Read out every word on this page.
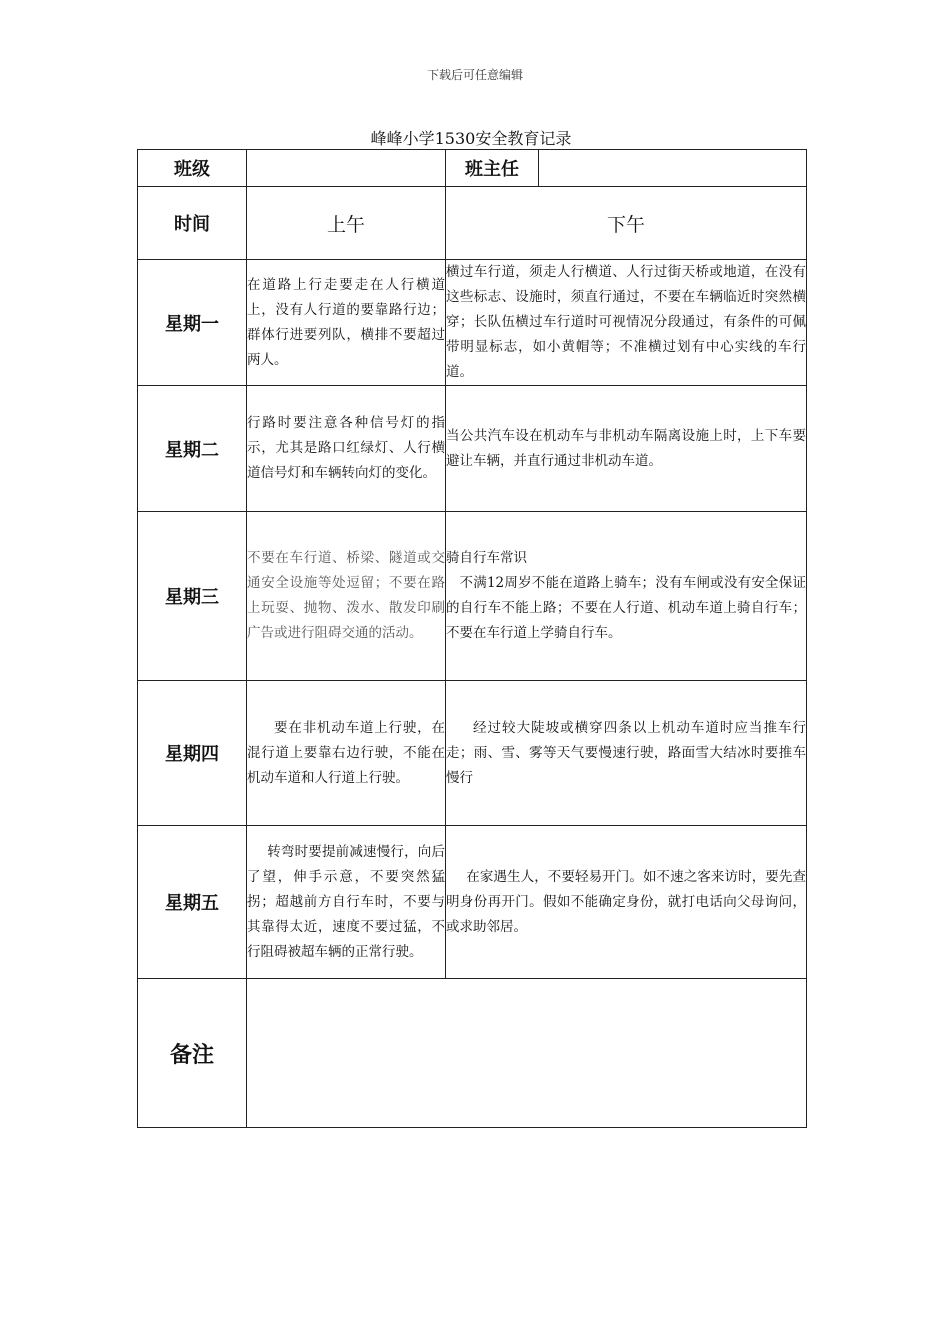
下载后可任意编辑
峰峰小学1530安全教育记录
班级		班主任	
时间	上午	下午	
星期一	在道路上行走要走在人行横道上，没有人行道的要靠路行边；群体行进要列队，横排不要超过两人。	横过车行道，须走人行横道、人行过街天桥或地道，在没有这些标志、设施时，须直行通过，不要在车辆临近时突然横穿；长队伍横过车行道时可视情况分段通过，有条件的可佩带明显标志，如小黄帽等；不准横过划有中心实线的车行道。	

星期二	行路时要注意各种信号灯的指示，尤其是路口红绿灯、人行横道信号灯和车辆转向灯的变化。	当公共汽车设在机动车与非机动车隔离设施上时，上下车要避让车辆，并直行通过非机动车道。	

星期三	不要在车行道、桥梁、隧道或交通安全设施等处逗留；不要在路上玩耍、抛物、泼水、散发印刷广告或进行阻碍交通的活动。	骑自行车常识

不满12周岁不能在道路上骑车；没有车闸或没有安全保证的自行车不能上路；不要在人行道、机动车道上骑自行车；不要在车行道上学骑自行车。	

星期四	要在非机动车道上行驶，在混行道上要靠右边行驶，不能在机动车道和人行道上行驶。	经过较大陡坡或横穿四条以上机动车道时应当推车行走；雨、雪、雾等天气要慢速行驶，路面雪大结冰时要推车慢行	

星期五	转弯时要提前减速慢行，向后了望，伸手示意，不要突然猛拐；超越前方自行车时，不要与其靠得太近，速度不要过猛，不行阻碍被超车辆的正常行驶。	在家遇生人，不要轻易开门。如不速之客来访时，要先查明身份再开门。假如不能确定身份，就打电话向父母询问，或求助邻居。	

备注			
